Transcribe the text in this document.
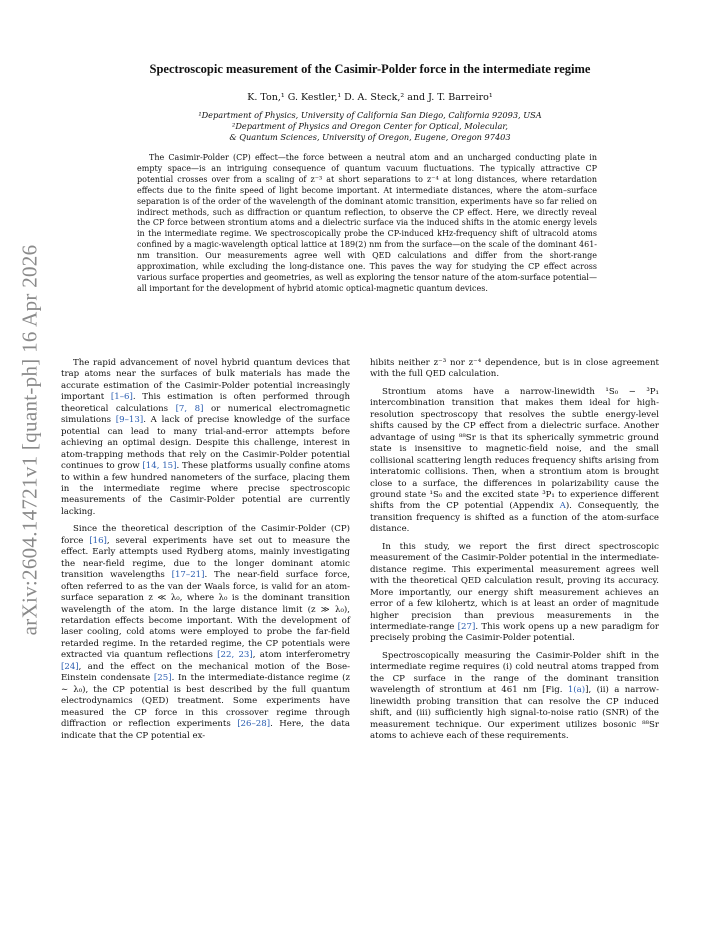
arXiv:2604.14721v1 [quant-ph] 16 Apr 2026
Spectroscopic measurement of the Casimir-Polder force in the intermediate regime
K. Ton,¹ G. Kestler,¹ D. A. Steck,² and J. T. Barreiro¹
¹Department of Physics, University of California San Diego, California 92093, USA
²Department of Physics and Oregon Center for Optical, Molecular,
& Quantum Sciences, University of Oregon, Eugene, Oregon 97403

The Casimir-Polder (CP) effect—the force between a neutral atom and an uncharged conducting plate in empty space—is an intriguing consequence of quantum vacuum fluctuations. The typically attractive CP potential crosses over from a scaling of z⁻³ at short separations to z⁻⁴ at long distances, where retardation effects due to the finite speed of light become important. At intermediate distances, where the atom–surface separation is of the order of the wavelength of the dominant atomic transition, experiments have so far relied on indirect methods, such as diffraction or quantum reflection, to observe the CP effect. Here, we directly reveal the CP force between strontium atoms and a dielectric surface via the induced shifts in the atomic energy levels in the intermediate regime. We spectroscopically probe the CP-induced kHz-frequency shift of ultracold atoms confined by a magic-wavelength optical lattice at 189(2) nm from the surface—on the scale of the dominant 461-nm transition. Our measurements agree well with QED calculations and differ from the short-range approximation, while excluding the long-distance one. This paves the way for studying the CP effect across various surface properties and geometries, as well as exploring the tensor nature of the atom-surface potential—all important for the development of hybrid atomic optical-magnetic quantum devices.

The rapid advancement of novel hybrid quantum devices that trap atoms near the surfaces of bulk materials has made the accurate estimation of the Casimir-Polder potential increasingly important [1–6]. This estimation is often performed through theoretical calculations [7, 8] or numerical electromagnetic simulations [9–13]. A lack of precise knowledge of the surface potential can lead to many trial-and-error attempts before achieving an optimal design. Despite this challenge, interest in atom-trapping methods that rely on the Casimir-Polder potential continues to grow [14, 15]. These platforms usually confine atoms to within a few hundred nanometers of the surface, placing them in the intermediate regime where precise spectroscopic measurements of the Casimir-Polder potential are currently lacking.

Since the theoretical description of the Casimir-Polder (CP) force [16], several experiments have set out to measure the effect. Early attempts used Rydberg atoms, mainly investigating the near-field regime, due to the longer dominant atomic transition wavelengths [17–21]. The near-field surface force, often referred to as the van der Waals force, is valid for an atom-surface separation z ≪ λ₀, where λ₀ is the dominant transition wavelength of the atom. In the large distance limit (z ≫ λ₀), retardation effects become important. With the development of laser cooling, cold atoms were employed to probe the far-field retarded regime. In the retarded regime, the CP potentials were extracted via quantum reflections [22, 23], atom interferometry [24], and the effect on the mechanical motion of the Bose-Einstein condensate [25]. In the intermediate-distance regime (z ∼ λ₀), the CP potential is best described by the full quantum electrodynamics (QED) treatment. Some experiments have measured the CP force in this crossover regime through diffraction or reflection experiments [26–28]. Here, the data indicate that the CP potential ex-

hibits neither z⁻³ nor z⁻⁴ dependence, but is in close agreement with the full QED calculation.

Strontium atoms have a narrow-linewidth ¹S₀ − ³P₁ intercombination transition that makes them ideal for high-resolution spectroscopy that resolves the subtle energy-level shifts caused by the CP effect from a dielectric surface. Another advantage of using ⁸⁸Sr is that its spherically symmetric ground state is insensitive to magnetic-field noise, and the small collisional scattering length reduces frequency shifts arising from interatomic collisions. Then, when a strontium atom is brought close to a surface, the differences in polarizability cause the ground state ¹S₀ and the excited state ³P₁ to experience different shifts from the CP potential (Appendix A). Consequently, the transition frequency is shifted as a function of the atom-surface distance.

In this study, we report the first direct spectroscopic measurement of the Casimir-Polder potential in the intermediate-distance regime. This experimental measurement agrees well with the theoretical QED calculation result, proving its accuracy. More importantly, our energy shift measurement achieves an error of a few kilohertz, which is at least an order of magnitude higher precision than previous measurements in the intermediate-range [27]. This work opens up a new paradigm for precisely probing the Casimir-Polder potential.

Spectroscopically measuring the Casimir-Polder shift in the intermediate regime requires (i) cold neutral atoms trapped from the CP surface in the range of the dominant transition wavelength of strontium at 461 nm [Fig. 1(a)], (ii) a narrow-linewidth probing transition that can resolve the CP induced shift, and (iii) sufficiently high signal-to-noise ratio (SNR) of the measurement technique. Our experiment utilizes bosonic ⁸⁸Sr atoms to achieve each of these requirements.
